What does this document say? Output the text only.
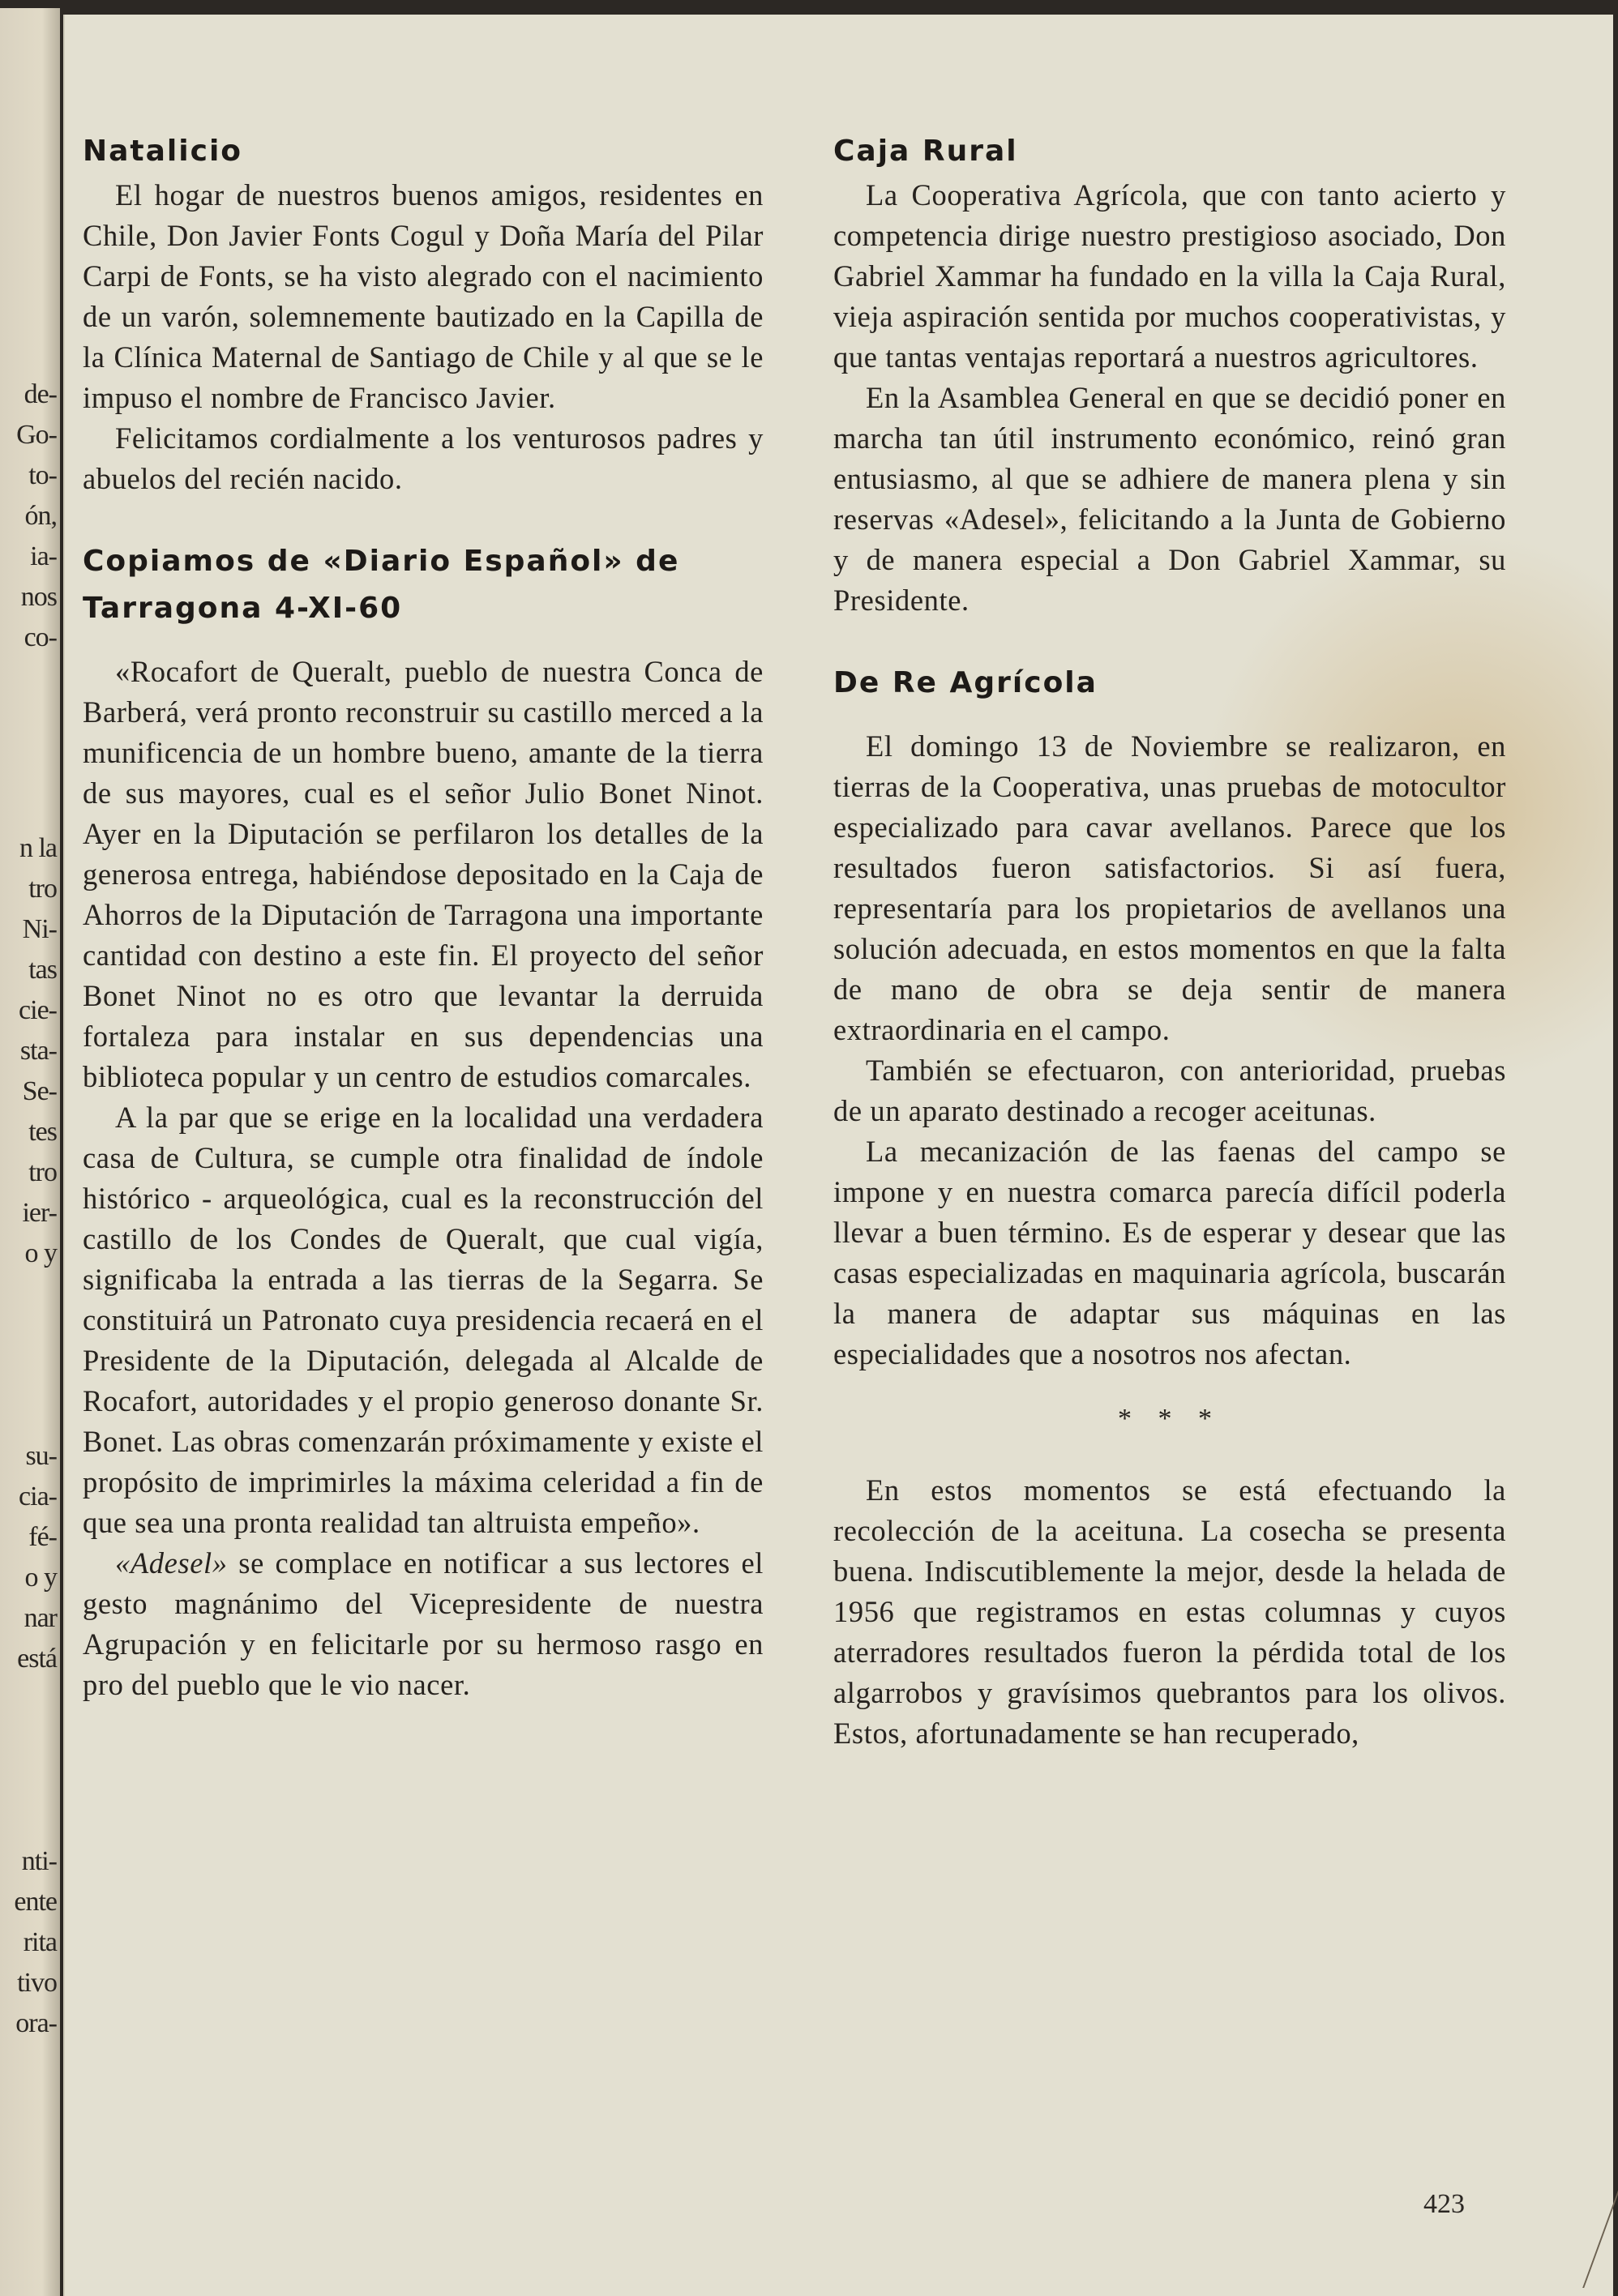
de-
Go-
to-
ón,
ia-
nos
co-
n la
tro
Ni-
tas
cie-
sta-
Se-
tes
tro
ier-
o y
su-
cia-
fé-
o y
nar
está
nti-
ente
rita
tivo
ora-
Natalicio

El hogar de nuestros buenos amigos, residentes en Chile, Don Javier Fonts Cogul y Doña María del Pilar Carpi de Fonts, se ha visto alegrado con el nacimiento de un varón, solemnemente bautizado en la Capilla de la Clínica Maternal de Santiago de Chile y al que se le impuso el nombre de Francisco Javier.

Felicitamos cordialmente a los venturosos padres y abuelos del recién nacido.

Copiamos de «Diario Español» de
Tarragona 4-XI-60

«Rocafort de Queralt, pueblo de nuestra Conca de Barberá, verá pronto reconstruir su castillo merced a la munificencia de un hombre bueno, amante de la tierra de sus mayores, cual es el señor Julio Bonet Ninot. Ayer en la Diputación se perfilaron los detalles de la generosa entrega, habiéndose depositado en la Caja de Ahorros de la Diputación de Tarragona una importante cantidad con destino a este fin. El proyecto del señor Bonet Ninot no es otro que levantar la derruida fortaleza para instalar en sus dependencias una biblioteca popular y un centro de estudios comarcales.

A la par que se erige en la localidad una verdadera casa de Cultura, se cumple otra finalidad de índole histórico - arqueológica, cual es la reconstrucción del castillo de los Condes de Queralt, que cual vigía, significaba la entrada a las tierras de la Segarra. Se constituirá un Patronato cuya presidencia recaerá en el Presidente de la Diputación, delegada al Alcalde de Rocafort, autoridades y el propio generoso donante Sr. Bonet. Las obras comenzarán próximamente y existe el propósito de imprimirles la máxima celeridad a fin de que sea una pronta realidad tan altruista empeño».

«Adesel» se complace en notificar a sus lectores el gesto magnánimo del Vicepresidente de nuestra Agrupación y en felicitarle por su hermoso rasgo en pro del pueblo que le vio nacer.

Caja Rural

La Cooperativa Agrícola, que con tanto acierto y competencia dirige nuestro prestigioso asociado, Don Gabriel Xammar ha fundado en la villa la Caja Rural, vieja aspiración sentida por muchos cooperativistas, y que tantas ventajas reportará a nuestros agricultores.

En la Asamblea General en que se decidió poner en marcha tan útil instrumento económico, reinó gran entusiasmo, al que se adhiere de manera plena y sin reservas «Adesel», felicitando a la Junta de Gobierno y de manera especial a Don Gabriel Xammar, su Presidente.

De Re Agrícola

El domingo 13 de Noviembre se realizaron, en tierras de la Cooperativa, unas pruebas de motocultor especializado para cavar avellanos. Parece que los resultados fueron satisfactorios. Si así fuera, representaría para los propietarios de avellanos una solución adecuada, en estos momentos en que la falta de mano de obra se deja sentir de manera extraordinaria en el campo.

También se efectuaron, con anterioridad, pruebas de un aparato destinado a recoger aceitunas.

La mecanización de las faenas del campo se impone y en nuestra comarca parecía difícil poderla llevar a buen término. Es de esperar y desear que las casas especializadas en maquinaria agrícola, buscarán la manera de adaptar sus máquinas en las especialidades que a nosotros nos afectan.

* * *

En estos momentos se está efectuando la recolección de la aceituna. La cosecha se presenta buena. Indiscutiblemente la mejor, desde la helada de 1956 que registramos en estas columnas y cuyos aterradores resultados fueron la pérdida total de los algarrobos y gravísimos quebrantos para los olivos. Estos, afortunadamente se han recuperado,

423
